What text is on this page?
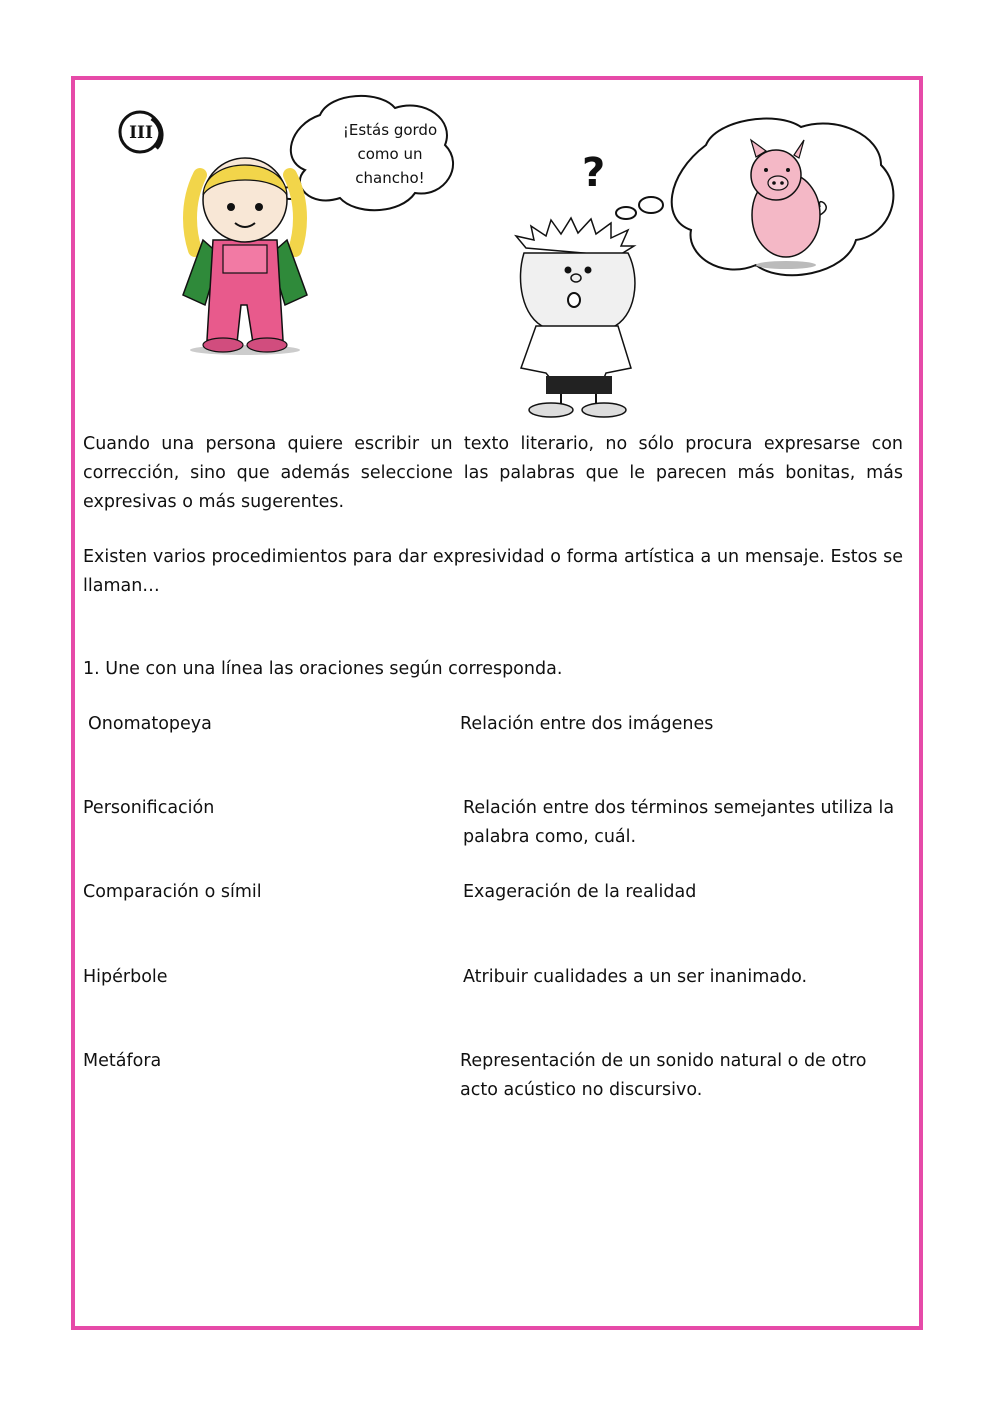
III	¡Estás gordo como un chancho!	?

Cuando una persona quiere escribir un texto literario, no sólo procura expresarse con corrección, sino que además seleccione las palabras que le parecen más bonitas, más expresivas o más sugerentes.

Existen varios procedimientos para dar expresividad o forma artística a un mensaje. Estos se llaman…

1. Une con una línea las oraciones según corresponda.

Onomatopeya

Personificación

Comparación o símil

Hipérbole

Metáfora

Relación entre dos imágenes

Relación entre dos términos semejantes utiliza la palabra como, cuál.

Exageración de la realidad

Atribuir cualidades a un ser inanimado.

Representación de un sonido natural o de otro acto acústico no discursivo.
